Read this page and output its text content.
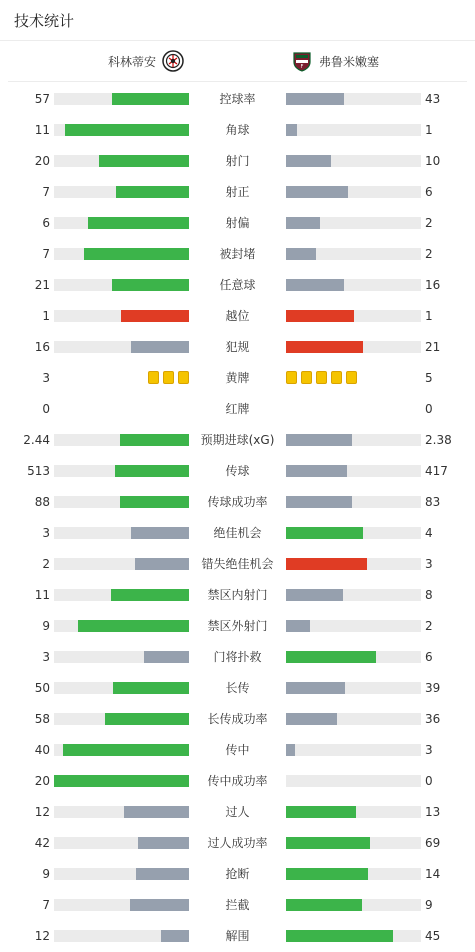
技术统计
科林蒂安	F 弗鲁米嫩塞
57	控球率	43
11	角球	1
20	射门	10
7	射正	6
6	射偏	2
7	被封堵	2
21	任意球	16
1	越位	1
16	犯规	21
3	黄牌	5
0	红牌	0
2.44	预期进球(xG)	2.38
513	传球	417
88	传球成功率	83
3	绝佳机会	4
2	错失绝佳机会	3
11	禁区内射门	8
9	禁区外射门	2
3	门将扑救	6
50	长传	39
58	长传成功率	36
40	传中	3
20	传中成功率	0
12	过人	13
42	过人成功率	69
9	抢断	14
7	拦截	9
12	解围	45
